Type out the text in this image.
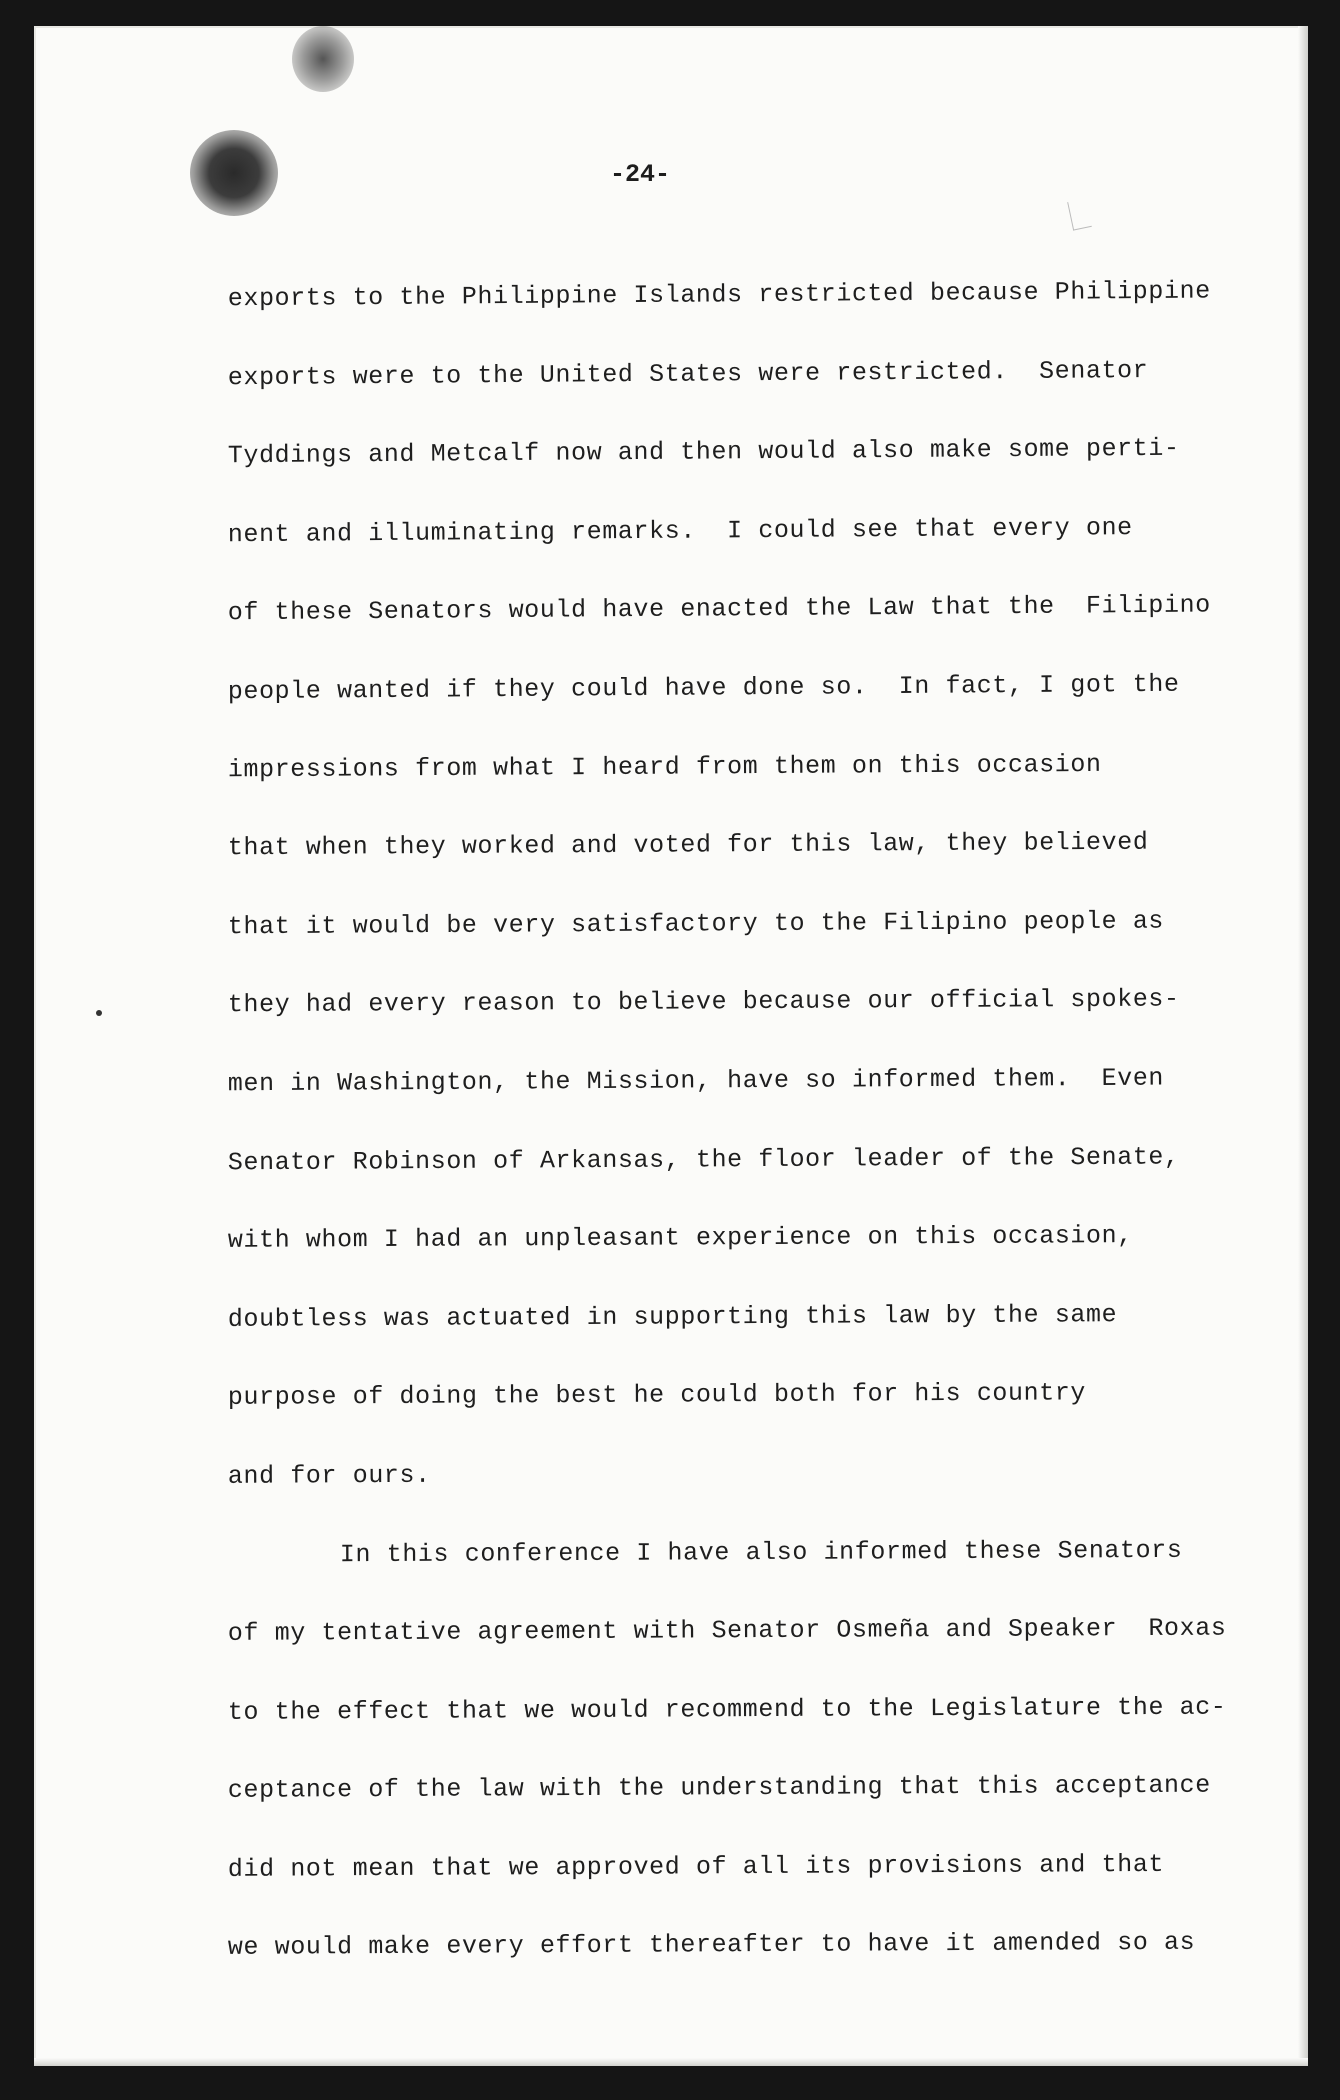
-24-
exports to the Philippine Islands restricted because Philippine
exports were to the United States were restricted.  Senator
Tyddings and Metcalf now and then would also make some perti-
nent and illuminating remarks.  I could see that every one
of these Senators would have enacted the Law that the  Filipino
people wanted if they could have done so.  In fact, I got the
impressions from what I heard from them on this occasion
that when they worked and voted for this law, they believed
that it would be very satisfactory to the Filipino people as
they had every reason to believe because our official spokes-
men in Washington, the Mission, have so informed them.  Even
Senator Robinson of Arkansas, the floor leader of the Senate,
with whom I had an unpleasant experience on this occasion,
doubtless was actuated in supporting this law by the same
purpose of doing the best he could both for his country
and for ours.
In this conference I have also informed these Senators
of my tentative agreement with Senator Osmeña and Speaker  Roxas
to the effect that we would recommend to the Legislature the ac-
ceptance of the law with the understanding that this acceptance
did not mean that we approved of all its provisions and that
we would make every effort thereafter to have it amended so as
